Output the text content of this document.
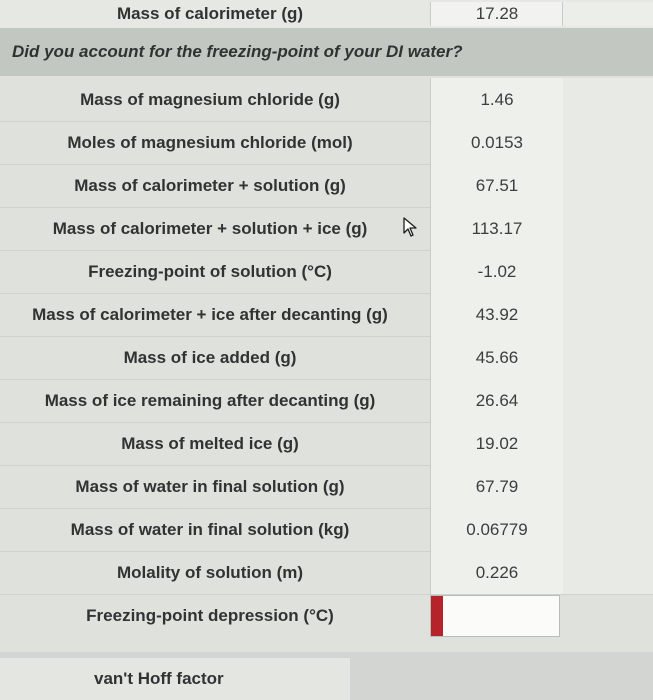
Mass of calorimeter (g)	17.28
Did you account for the freezing-point of your DI water?
Mass of magnesium chloride (g)	1.46
Moles of magnesium chloride (mol)	0.0153
Mass of calorimeter + solution (g)	67.51
Mass of calorimeter + solution + ice (g)	113.17
Freezing-point of solution (°C)	-1.02
Mass of calorimeter + ice after decanting (g)	43.92
Mass of ice added (g)	45.66
Mass of ice remaining after decanting (g)	26.64
Mass of melted ice (g)	19.02
Mass of water in final solution (g)	67.79
Mass of water in final solution (kg)	0.06779
Molality of solution (m)	0.226
Freezing-point depression (°C)
van't Hoff factor
